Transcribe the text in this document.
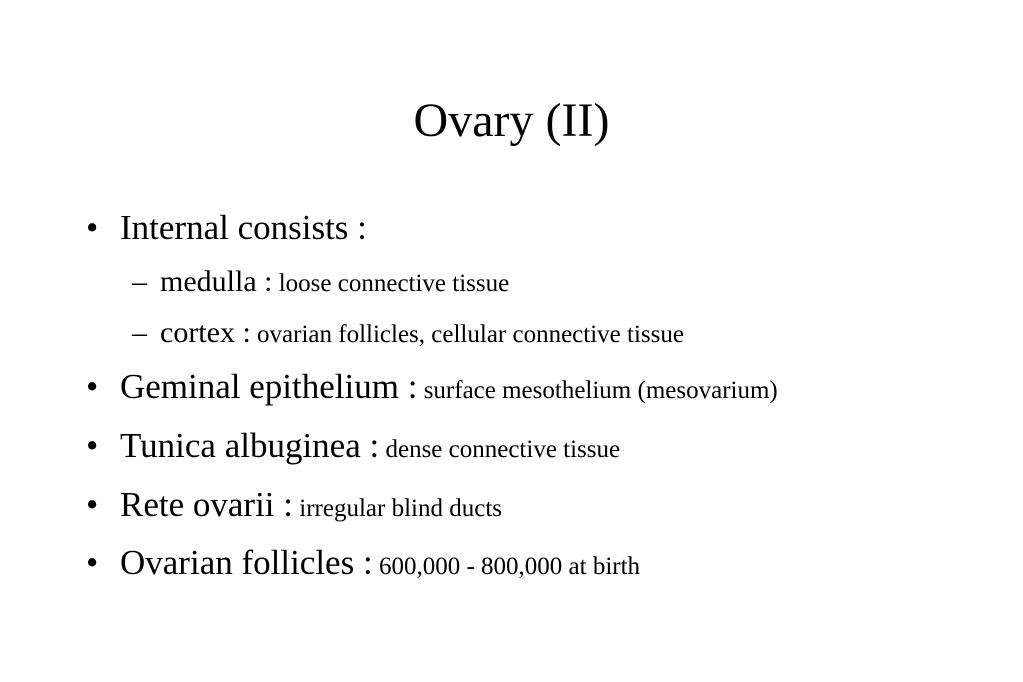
Ovary (II)
• Internal consists :
– medulla : loose connective tissue
– cortex : ovarian follicles, cellular connective tissue
• Geminal epithelium : surface mesothelium (mesovarium)
• Tunica albuginea : dense connective tissue
• Rete ovarii : irregular blind ducts
• Ovarian follicles : 600,000 - 800,000 at birth
